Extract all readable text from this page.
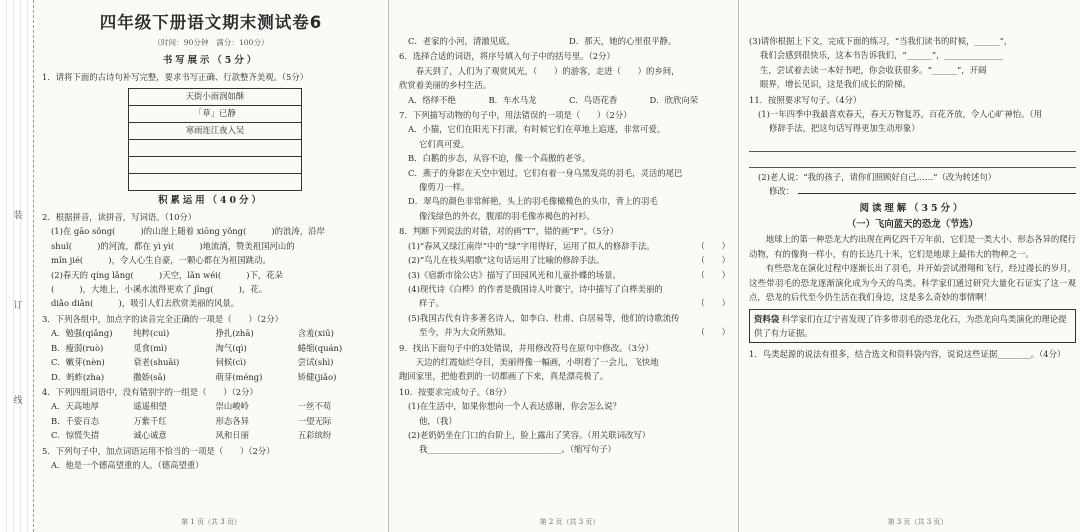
装
订
线
四年级下册语文期末测试卷6
（时间：90分钟　满分：100分）
书写展示（5分）
1．请将下面的古诗句补写完整，要求书写正确、行款整齐美观。（5分）
天街小雨润如酥
「草」已静
寒雨连江夜入吴

积累运用（40分）
2．根据拼音，读拼音，写词语。（10分）
(1)在 gāo sǒng(　　　)的山崖上随着 xiōng yǒng(　　　)的浪涛，沿岸
shuǐ(　　　)的河流，都在 yì yì(　　　)地流淌，赞美祖国河山的
mǐn jié(　　　)，令人心生自豪，一颗心都在为祖国跳动。
(2)春天的 qíng lǎng(　　　)天空，lǎn wéi(　　　)下，花朵
(　　　)，大地上，小溪水流得更欢了 jīng(　　　)，花。
diǎo diǎn(　　　)，吸引人们去欣赏美丽的风景。
3．下列各组中，加点字的读音完全正确的一项是（　　）（2分）
A．勉强(qiǎng)	纯粹(cuì)	挣扎(zhā)	含羞(xiū)
B．瘦弱(ruò)	觅食(mì)	淘气(qì)	蜷缩(quán)
C．嫩芽(nèn)	衰老(shuāi)	伺候(cì)	尝试(shì)
D．蚂蚱(zha)	撒娇(sā)	萌芽(méng)	矫健(jiǎo)
4．下列四组词语中，没有错别字的一组是（　　）（2分）
A．天高地厚	遥遥相望	崇山峻岭	一丝不苟
B．千姿百态	万紫千红	形态各异	一望无际
C．惊慌失措	诚心诚意	风和日丽	五彩缤纷
5．下列句子中，加点词语运用不恰当的一项是（　　）（2分）
A．他是一个德高望重的人。（德高望重）
第 1 页（共 3 页）
C．老家的小河，清澈见底。	D．那天，她的心里很平静。
6．选择合适的词语，将序号填入句子中的括号里。（2分）
　　春天到了，人们为了观赏风光，（　　）的游客，走进（　　）的乡间，
欣赏着美丽的乡村生活。
A．络绎不绝	B．车水马龙	C．鸟语花香	D．欣欣向荣
7．下列描写动物的句子中，用法错误的一项是（　　）（2分）
A．小猫，它们在阳光下打滚，有时候它们在草地上追逐，非常可爱。
　 它们真可爱。
B．白鹅的步态，从容不迫，像一个高傲的老爷。
C．燕子的身影在天空中划过，它们有着一身乌黑发亮的羽毛，灵活的尾巴
　 像剪刀一样。
D．翠鸟的颜色非常鲜艳，头上的羽毛像橄榄色的头巾，背上的羽毛
　 像浅绿色的外衣，腹部的羽毛像赤褐色的衬衫。
8．判断下列说法的对错，对的画“T”，错的画“F”。（5分）
(1)“春风又绿江南岸”中的“绿”字用得好，运用了拟人的修辞手法。	（　　）
(2)“鸟儿在枝头唱歌”这句话运用了比喻的修辞手法。	（　　）
(3)《宿新市徐公店》描写了田园风光和儿童扑蝶的场景。	（　　）
(4)现代诗《白桦》的作者是俄国诗人叶赛宁，诗中描写了白桦美丽的
　 样子。	（　　）
(5)我国古代有许多著名诗人，如李白、杜甫、白居易等，他们的诗歌流传
　 至今，并为大众所熟知。	（　　）
9．找出下面句子中的3处错误，并用修改符号在原句中修改。（3分）
　　天边的红霞灿烂夺目，美丽得像一幅画，小明看了一会儿，飞快地
跑回家里，把他看到的一切都画了下来，真是漂亮极了。
10．按要求完成句子。（8分）
(1)在生活中，如果你想向一个人表达感谢，你会怎么说？
　 他，（我）
(2)老奶奶坐在门口的台阶上，脸上露出了笑容。（用关联词改写）
　 我________________________________。（缩写句子）
第 2 页（共 3 页）
(3)请你根据上下文，完成下面的练习，“当我们读书的时候，______”，
　 我们会感到很快乐，这本书告诉我们，“______”，______________
　 生，尝试着去读一本好书吧，你会收获很多。“______”，开阔
　 眼界，增长见识，这是我们成长的阶梯。
11．按照要求写句子。（4分）
(1)一年四季中我最喜欢春天，春天万物复苏，百花齐放，令人心旷神怡。（用
　 修辞手法，把这句话写得更加生动形象）
(2)老人说：“我的孩子，请你们照顾好自己……”（改为转述句）
　 修改：
阅读理解（35分）
（一）飞向蓝天的恐龙（节选）
地球上的第一种恐龙大约出现在两亿四千万年前，它们是一类大小、形态各异的爬行动物，有的像狗一样小，有的长达几十米，它们是地球上最伟大的物种之一。
有些恐龙在演化过程中逐渐长出了羽毛，并开始尝试滑翔和飞行，经过漫长的岁月，这些带羽毛的恐龙逐渐演化成为今天的鸟类。科学家们通过研究大量化石证实了这一观点，恐龙的后代至今仍生活在我们身边，这是多么奇妙的事情啊！
资料袋 科学家们在辽宁省发现了许多带羽毛的恐龙化石，为恐龙向鸟类演化的理论提供了有力证据。
1．鸟类起源的说法有很多，结合选文和资料袋内容，说说这些证据________。（4分）
第 3 页（共 3 页）
